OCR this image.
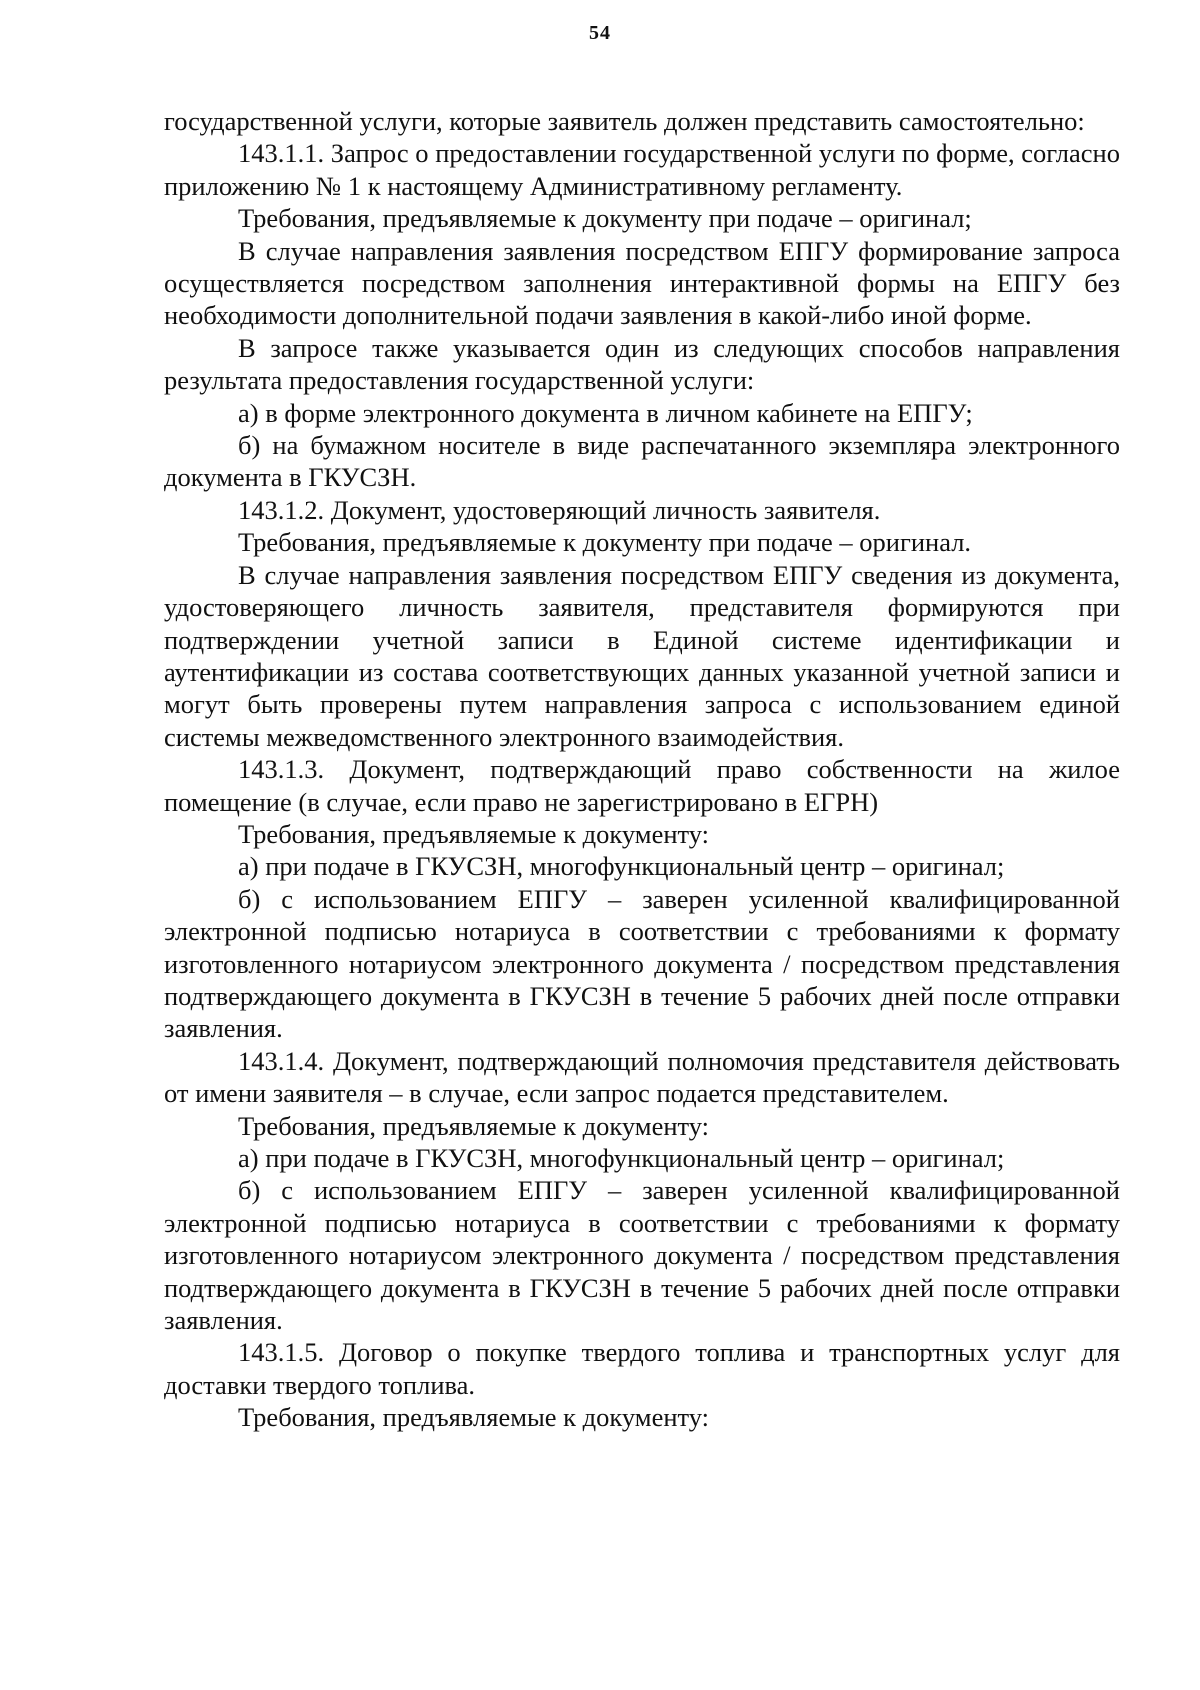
54

государственной услуги, которые заявитель должен представить самостоятельно:

143.1.1. Запрос о предоставлении государственной услуги по форме, согласно приложению № 1 к настоящему Административному регламенту.

Требования, предъявляемые к документу при подаче – оригинал;

В случае направления заявления посредством ЕПГУ формирование запроса осуществляется посредством заполнения интерактивной формы на ЕПГУ без необходимости дополнительной подачи заявления в какой-либо иной форме.

В запросе также указывается один из следующих способов направления результата предоставления государственной услуги:

а) в форме электронного документа в личном кабинете на ЕПГУ;

б) на бумажном носителе в виде распечатанного экземпляра электронного документа в ГКУСЗН.

143.1.2. Документ, удостоверяющий личность заявителя.

Требования, предъявляемые к документу при подаче – оригинал.

В случае направления заявления посредством ЕПГУ сведения из документа, удостоверяющего личность заявителя, представителя формируются при подтверждении учетной записи в Единой системе идентификации и аутентификации из состава соответствующих данных указанной учетной записи и могут быть проверены путем направления запроса с использованием единой системы межведомственного электронного взаимодействия.

143.1.3. Документ, подтверждающий право собственности на жилое помещение (в случае, если право не зарегистрировано в ЕГРН)

Требования, предъявляемые к документу:

а) при подаче в ГКУСЗН, многофункциональный центр – оригинал;

б) с использованием ЕПГУ – заверен усиленной квалифицированной электронной подписью нотариуса в соответствии с требованиями к формату изготовленного нотариусом электронного документа / посредством представления подтверждающего документа в ГКУСЗН в течение 5 рабочих дней после отправки заявления.

143.1.4. Документ, подтверждающий полномочия представителя действовать от имени заявителя – в случае, если запрос подается представителем.

Требования, предъявляемые к документу:

а) при подаче в ГКУСЗН, многофункциональный центр – оригинал;

б) с использованием ЕПГУ – заверен усиленной квалифицированной электронной подписью нотариуса в соответствии с требованиями к формату изготовленного нотариусом электронного документа / посредством представления подтверждающего документа в ГКУСЗН в течение 5 рабочих дней после отправки заявления.

143.1.5. Договор о покупке твердого топлива и транспортных услуг для доставки твердого топлива.

Требования, предъявляемые к документу:
